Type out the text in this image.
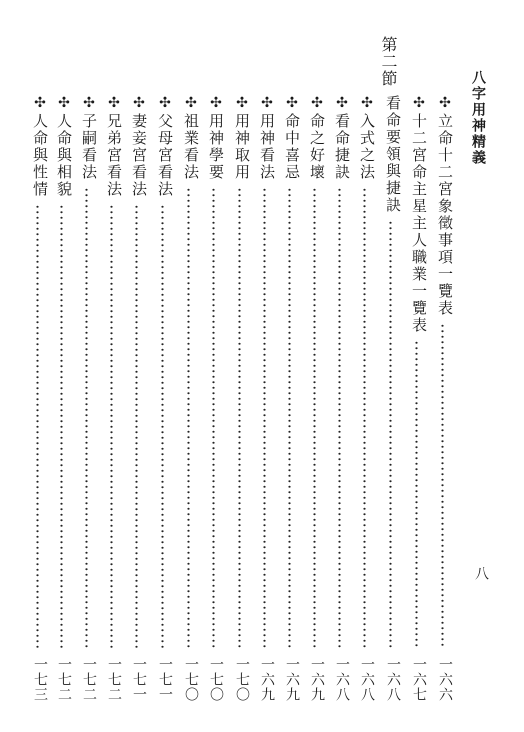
八字用神精義
八
第二節
✣立命十二宮象徵事項一覽表
一六六
✣十二宮命主星主人職業一覽表
一六七
看命要領與捷訣
一六八
✣入式之法
一六八
✣看命捷訣
一六八
✣命之好壞
一六九
✣命中喜忌
一六九
✣用神看法
一六九
✣用神取用
一七〇
✣用神學要
一七〇
✣祖業看法
一七〇
✣父母宮看法
一七一
✣妻妾宮看法
一七一
✣兄弟宮看法
一七二
✣子嗣看法
一七二
✣人命與相貌
一七二
✣人命與性情
一七三
